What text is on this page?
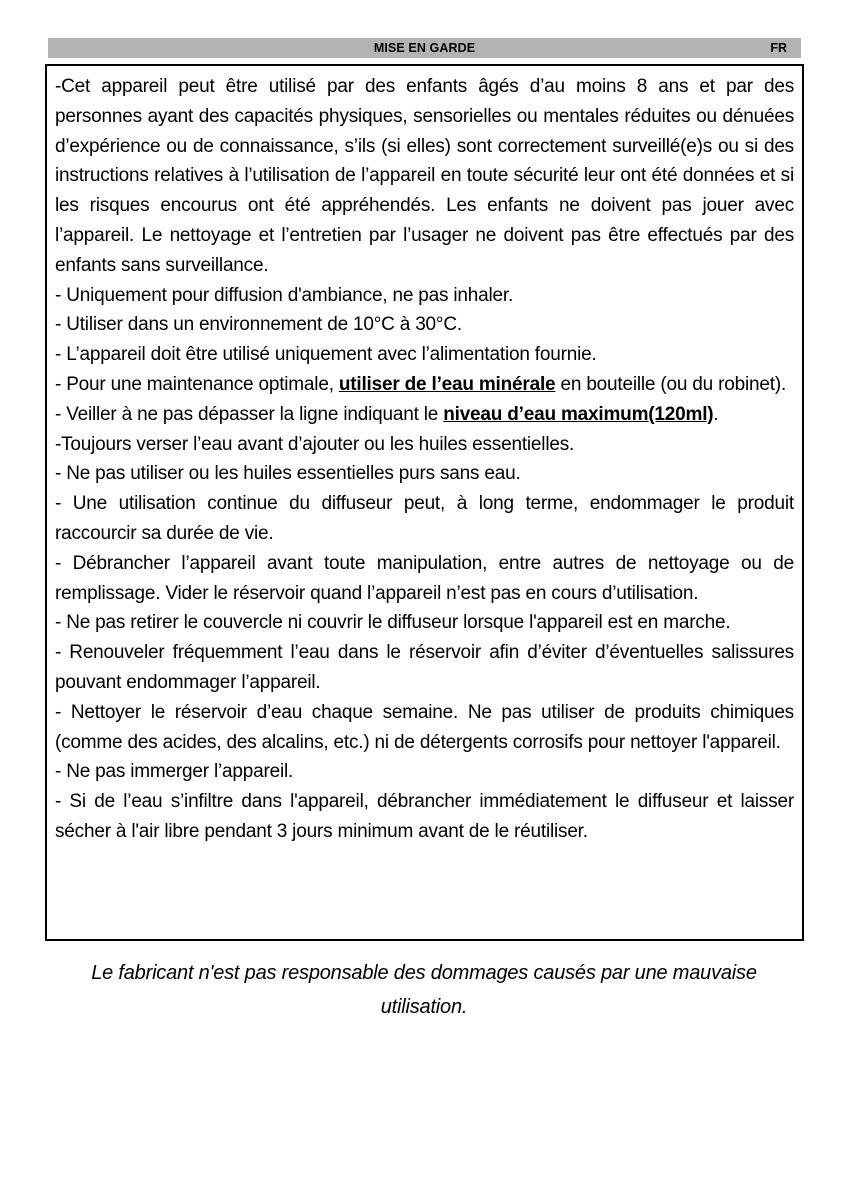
MISE EN GARDE	FR

-Cet appareil peut être utilisé par des enfants âgés d’au moins 8 ans et par des personnes ayant des capacités physiques, sensorielles ou mentales réduites ou dénuées d’expérience ou de connaissance, s’ils (si elles) sont correctement surveillé(e)s ou si des instructions relatives à l’utilisation de l’appareil en toute sécurité leur ont été données et si les risques encourus ont été appréhendés. Les enfants ne doivent pas jouer avec l’appareil. Le nettoyage et l’entretien par l’usager ne doivent pas être effectués par des enfants sans surveillance.

- Uniquement pour diffusion d'ambiance, ne pas inhaler.

- Utiliser dans un environnement de 10°C à 30°C.

- L’appareil doit être utilisé uniquement avec l’alimentation fournie.

- Pour une maintenance optimale, utiliser de l’eau minérale en bouteille (ou du robinet).

- Veiller à ne pas dépasser la ligne indiquant le niveau d’eau maximum(120ml).

-Toujours verser l’eau avant d’ajouter ou les huiles essentielles.

- Ne pas utiliser ou les huiles essentielles purs sans eau.

- Une utilisation continue du diffuseur peut, à long terme, endommager le produit raccourcir sa durée de vie.

- Débrancher l’appareil avant toute manipulation, entre autres de nettoyage ou de remplissage. Vider le réservoir quand l’appareil n’est pas en cours d’utilisation.

- Ne pas retirer le couvercle ni couvrir le diffuseur lorsque l'appareil est en marche.

- Renouveler fréquemment l’eau dans le réservoir afin d’éviter d’éventuelles salissures pouvant endommager l’appareil.

- Nettoyer le réservoir d’eau chaque semaine. Ne pas utiliser de produits chimiques (comme des acides, des alcalins, etc.) ni de détergents corrosifs pour nettoyer l'appareil.

- Ne pas immerger l’appareil.

- Si de l’eau s’infiltre dans l'appareil, débrancher immédiatement le diffuseur et laisser sécher à l'air libre pendant 3 jours minimum avant de le réutiliser.

Le fabricant n'est pas responsable des dommages causés par une mauvaise utilisation.
